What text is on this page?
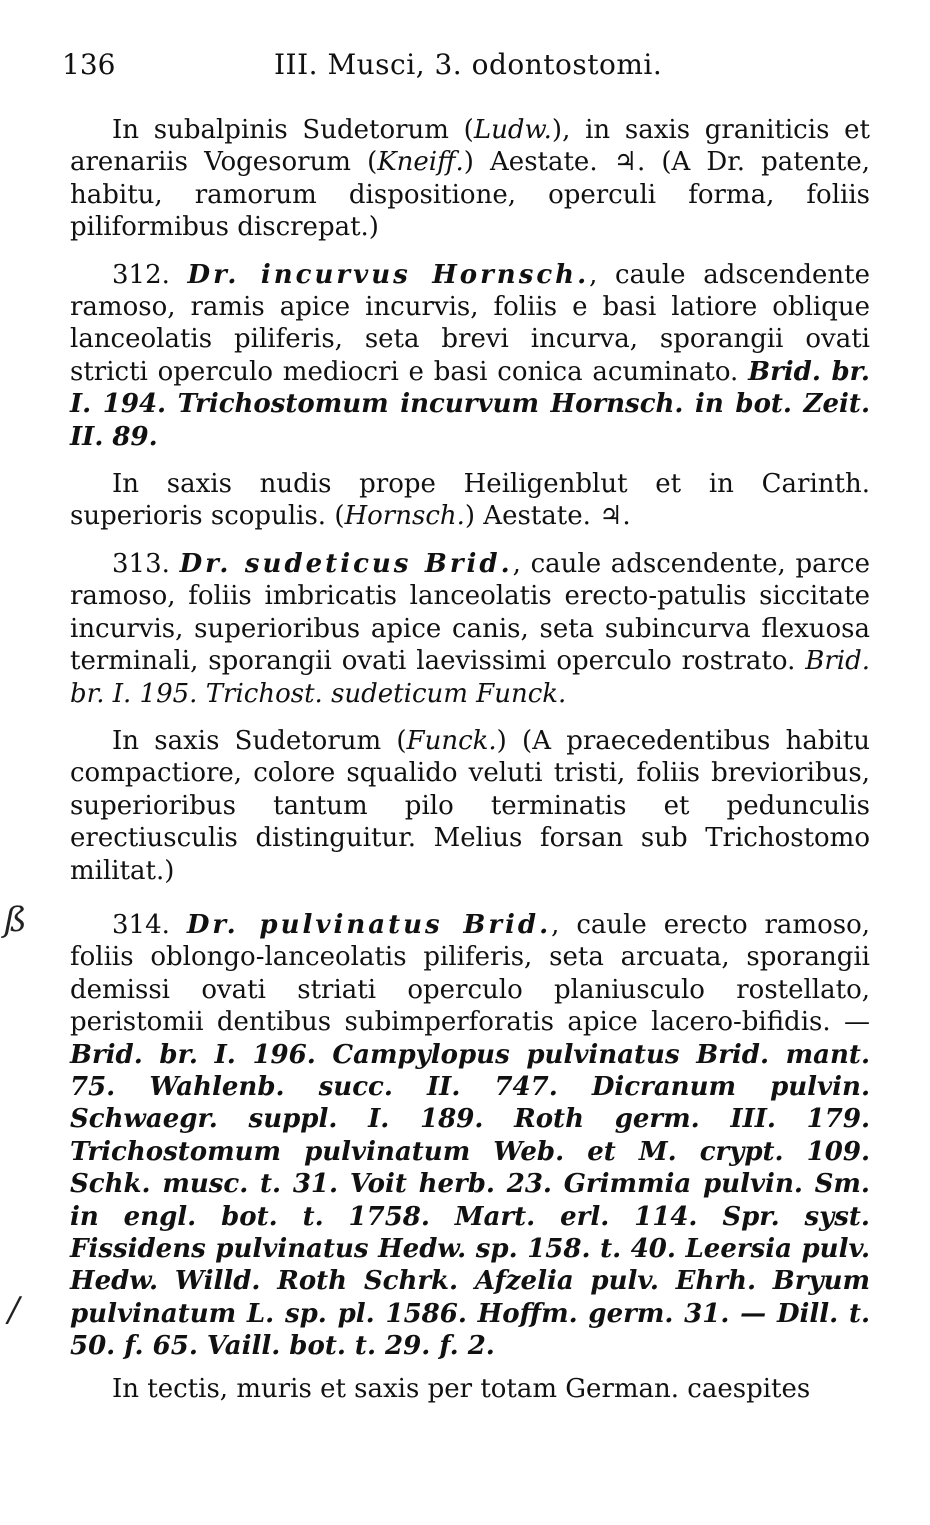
136	III. Musci, 3. odontostomi.

In subalpinis Sudetorum (Ludw.), in saxis graniticis et arenariis Vogesorum (Kneiff.) Aestate. ♃. (A Dr. patente, habitu, ramorum dispositione, operculi forma, foliis piliformibus discrepat.)

312. Dr. incurvus Hornsch., caule adscendente ramoso, ramis apice incurvis, foliis e basi latiore oblique lanceolatis piliferis, seta brevi incurva, sporangii ovati stricti operculo mediocri e basi conica acuminato. Brid. br. I. 194. Trichostomum incurvum Hornsch. in bot. Zeit. II. 89.

In saxis nudis prope Heiligenblut et in Carinth. superioris scopulis. (Hornsch.) Aestate. ♃.

313. Dr. sudeticus Brid., caule adscendente, parce ramoso, foliis imbricatis lanceolatis erecto-patulis siccitate incurvis, superioribus apice canis, seta subincurva flexuosa terminali, sporangii ovati laevissimi operculo rostrato. Brid. br. I. 195. Trichost. sudeticum Funck.

In saxis Sudetorum (Funck.) (A praecedentibus habitu compactiore, colore squalido veluti tristi, foliis brevioribus, superioribus tantum pilo terminatis et pedunculis erectiusculis distinguitur. Melius forsan sub Trichostomo militat.)

314. Dr. pulvinatus Brid., caule erecto ramoso, foliis oblongo-lanceolatis piliferis, seta arcuata, sporangii demissi ovati striati operculo planiusculo rostellato, peristomii dentibus subimperforatis apice lacero-bifidis. — Brid. br. I. 196. Campylopus pulvinatus Brid. mant. 75. Wahlenb. succ. II. 747. Dicranum pulvin. Schwaegr. suppl. I. 189. Roth germ. III. 179. Trichostomum pulvinatum Web. et M. crypt. 109. Schk. musc. t. 31. Voit herb. 23. Grimmia pulvin. Sm. in engl. bot. t. 1758. Mart. erl. 114. Spr. syst. Fissidens pulvinatus Hedw. sp. 158. t. 40. Leersia pulv. Hedw. Willd. Roth Schrk. Afzelia pulv. Ehrh. Bryum pulvinatum L. sp. pl. 1586. Hoffm. germ. 31. — Dill. t. 50. f. 65. Vaill. bot. t. 29. f. 2.

In tectis, muris et saxis per totam German. caespites

ß
/
